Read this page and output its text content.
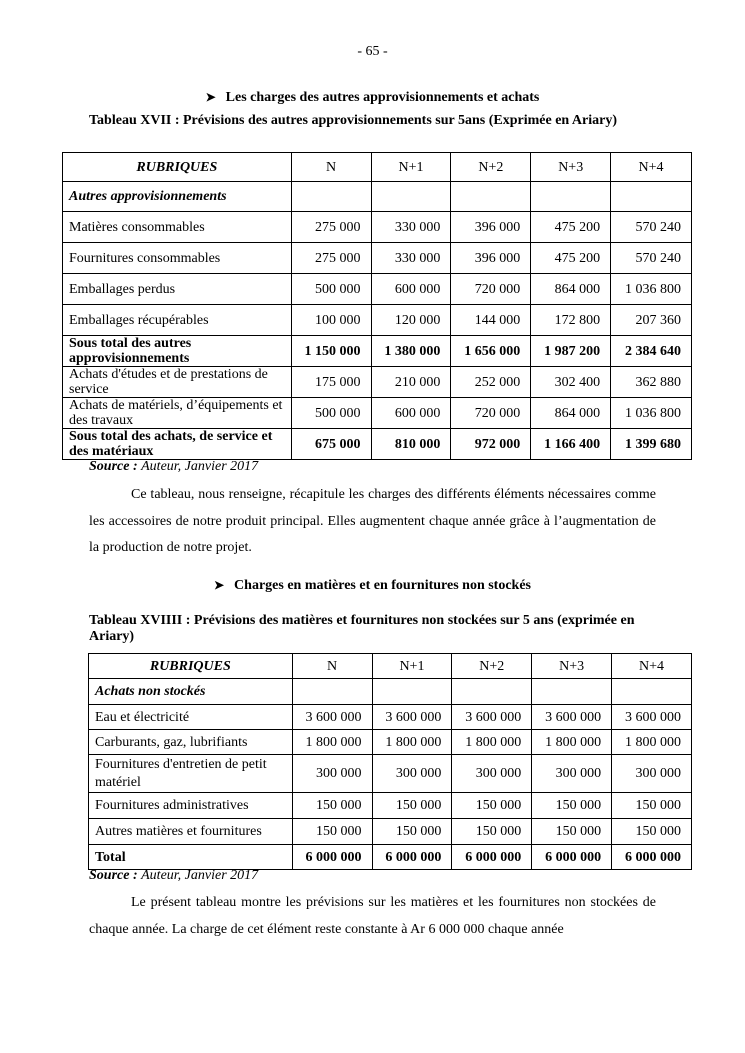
- 65 -
➤ Les charges des autres approvisionnements et achats
Tableau XVII : Prévisions des autres approvisionnements sur 5ans (Exprimée en Ariary)
RUBRIQUES	N	N+1	N+2	N+3	N+4
Autres approvisionnements					
Matières consommables	275 000	330 000	396 000	475 200	570 240
Fournitures consommables	275 000	330 000	396 000	475 200	570 240
Emballages perdus	500 000	600 000	720 000	864 000	1 036 800
Emballages récupérables	100 000	120 000	144 000	172 800	207 360
Sous total des autres approvisionnements	1 150 000	1 380 000	1 656 000	1 987 200	2 384 640
Achats d'études et de prestations de service	175 000	210 000	252 000	302 400	362 880
Achats de matériels, d’équipements et des travaux	500 000	600 000	720 000	864 000	1 036 800
Sous total des achats, de service et des matériaux	675 000	810 000	972 000	1 166 400	1 399 680
Source : Auteur, Janvier 2017
Ce tableau, nous renseigne, récapitule les charges des différents éléments nécessaires comme les accessoires de notre produit principal. Elles augmentent chaque année grâce à l’augmentation de la production de notre projet.
➤ Charges en matières et en fournitures non stockés
Tableau XVIIII : Prévisions des matières et fournitures non stockées sur 5 ans (exprimée en Ariary)
RUBRIQUES	N	N+1	N+2	N+3	N+4
Achats non stockés					
Eau et électricité	3 600 000	3 600 000	3 600 000	3 600 000	3 600 000
Carburants, gaz, lubrifiants	1 800 000	1 800 000	1 800 000	1 800 000	1 800 000
Fournitures d'entretien de petit matériel	300 000	300 000	300 000	300 000	300 000
Fournitures administratives	150 000	150 000	150 000	150 000	150 000
Autres matières et fournitures	150 000	150 000	150 000	150 000	150 000
Total	6 000 000	6 000 000	6 000 000	6 000 000	6 000 000
Source : Auteur, Janvier 2017
Le présent tableau montre les prévisions sur les matières et les fournitures non stockées de chaque année. La charge de cet élément reste constante à Ar 6 000 000 chaque année
